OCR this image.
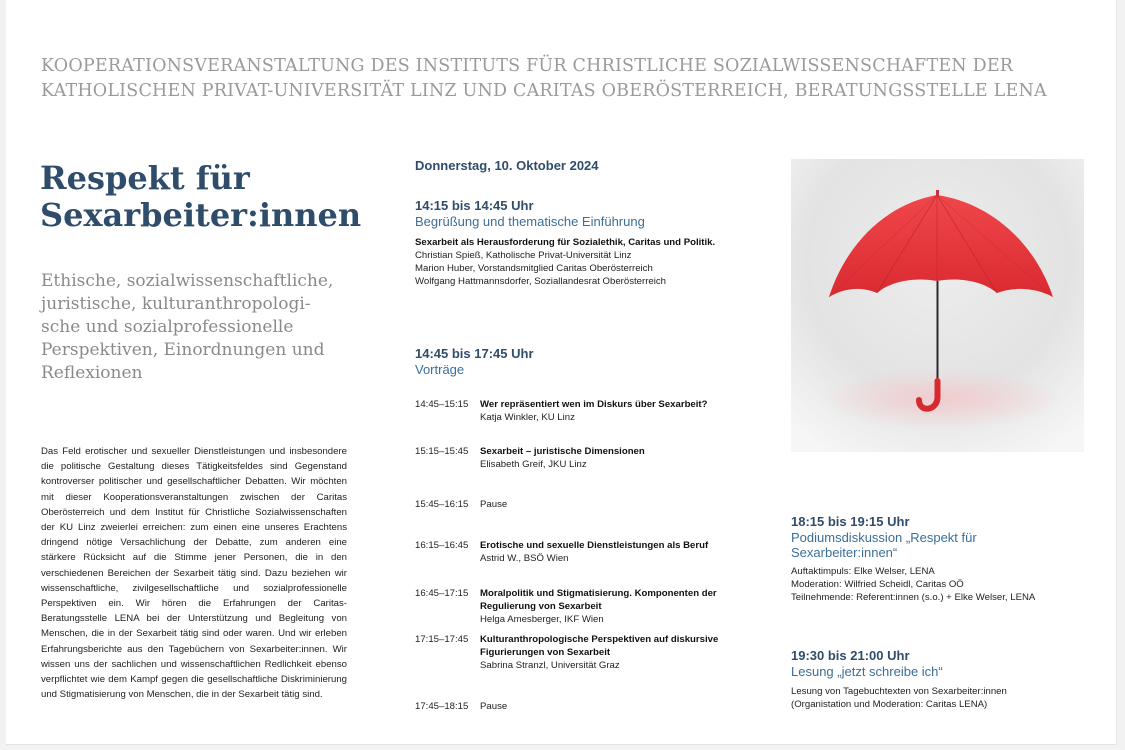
KOOPERATIONSVERANSTALTUNG DES INSTITUTS FÜR CHRISTLICHE SOZIALWISSENSCHAFTEN DER
KATHOLISCHEN PRIVAT-UNIVERSITÄT LINZ UND CARITAS OBERÖSTERREICH, BERATUNGSSTELLE LENA
Respekt für
Sexarbeiter:innen
Ethische, sozialwissenschaftliche,
juristische, kulturanthropologi-
sche und sozialprofessionelle
Perspektiven, Einordnungen und
Reflexionen
Das Feld erotischer und sexueller Dienstleistungen und insbesondere die politische Gestaltung dieses Tätigkeitsfeldes sind Gegenstand kontroverser politischer und gesellschaftlicher Debatten. Wir möchten mit dieser Kooperationsveranstaltungen zwischen der Caritas Oberösterreich und dem Institut für Christliche Sozialwissenschaften der KU Linz zweierlei erreichen: zum einen eine unseres Erachtens dringend nötige Versachlichung der Debatte, zum anderen eine stärkere Rücksicht auf die Stimme jener Personen, die in den verschiedenen Bereichen der Sexarbeit tätig sind. Dazu beziehen wir wissenschaftliche, zivilgesellschaftliche und sozialprofessionelle Perspektiven ein. Wir hören die Erfahrungen der Caritas-Beratungsstelle LENA bei der Unterstützung und Begleitung von Menschen, die in der Sexarbeit tätig sind oder waren. Und wir erleben Erfahrungsberichte aus den Tagebüchern von Sexarbeiter:innen. Wir wissen uns der sachlichen und wissenschaftlichen Redlichkeit ebenso verpflichtet wie dem Kampf gegen die gesellschaftliche Diskriminierung und Stigmatisierung von Menschen, die in der Sexarbeit tätig sind.
Donnerstag, 10. Oktober 2024
14:15 bis 14:45 Uhr
Begrüßung und thematische Einführung
Sexarbeit als Herausforderung für Sozialethik, Caritas und Politik.
Christian Spieß, Katholische Privat-Universität Linz
Marion Huber, Vorstandsmitglied Caritas Oberösterreich
Wolfgang Hattmannsdorfer, Soziallandesrat Oberösterreich
14:45 bis 17:45 Uhr
Vorträge
14:45–15:15	Wer repräsentiert wen im Diskurs über Sexarbeit?
Katja Winkler, KU Linz
15:15–15:45	Sexarbeit – juristische Dimensionen
Elisabeth Greif, JKU Linz
15:45–16:15	Pause
16:15–16:45	Erotische und sexuelle Dienstleistungen als Beruf
Astrid W., BSÖ Wien
16:45–17:15	Moralpolitik und Stigmatisierung. Komponenten der Regulierung von Sexarbeit
Helga Amesberger, IKF Wien
17:15–17:45	Kulturanthropologische Perspektiven auf diskursive Figurierungen von Sexarbeit
Sabrina Stranzl, Universität Graz
17:45–18:15	Pause
18:15 bis 19:15 Uhr
Podiumsdiskussion „Respekt für
Sexarbeiter:innen“
Auftaktimpuls: Elke Welser, LENA
Moderation: Wilfried Scheidl, Caritas OÖ
Teilnehmende: Referent:innen (s.o.) + Elke Welser, LENA
19:30 bis 21:00 Uhr
Lesung „jetzt schreibe ich“
Lesung von Tagebuchtexten von Sexarbeiter:innen
(Organistation und Moderation: Caritas LENA)
